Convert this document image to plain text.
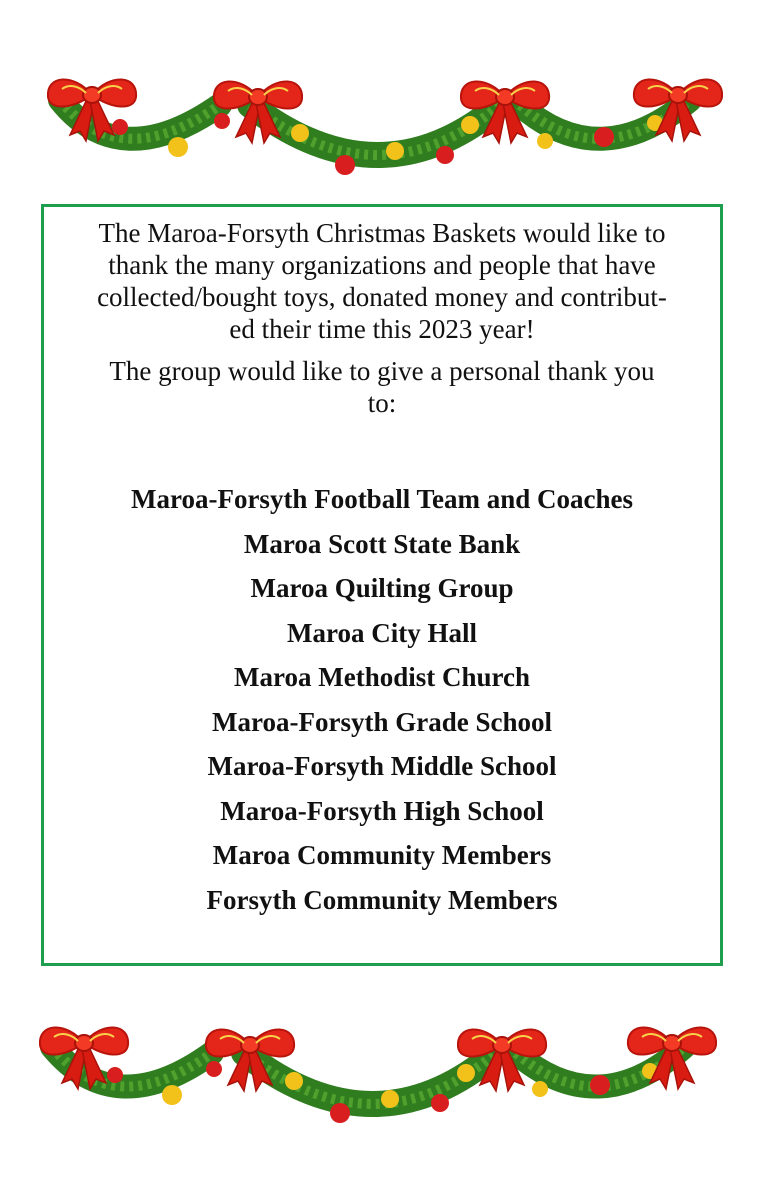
The Maroa-Forsyth Christmas Baskets would like to
thank the many organizations and people that have
collected/bought toys, donated money and contribut-
ed their time this 2023 year!

The group would like to give a personal thank you
to:

Maroa-Forsyth Football Team and Coaches
Maroa Scott State Bank
Maroa Quilting Group
Maroa City Hall
Maroa Methodist Church
Maroa-Forsyth Grade School
Maroa-Forsyth Middle School
Maroa-Forsyth High School
Maroa Community Members
Forsyth Community Members
